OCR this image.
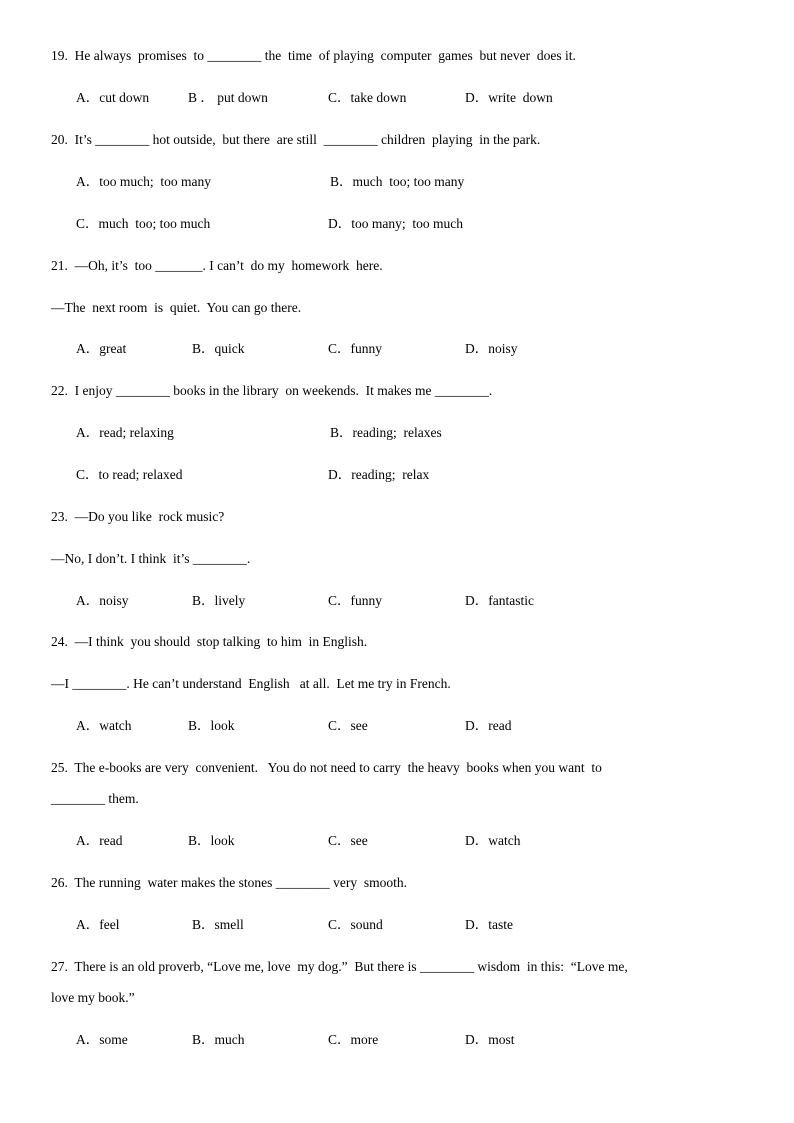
19.  He always  promises  to ________ the  time  of playing  computer  games  but never  does it.
A．cut down	B ． put down	C．take down	D．write  down
20.  It’s ________ hot outside,  but there  are still  ________ children  playing  in the park.
A．too much;  too many	B．much  too; too many
C．much  too; too much	D．too many;  too much
21.  —Oh, it’s  too _______. I can’t  do my  homework  here.
—The  next room  is  quiet.  You can go there.
A．great	B．quick	C．funny	D．noisy
22.  I enjoy ________ books in the library  on weekends.  It makes me ________.
A．read; relaxing	B．reading;  relaxes
C．to read; relaxed	D．reading;  relax
23.  —Do you like  rock music?
—No, I don’t. I think  it’s ________.
A．noisy	B．lively	C．funny	D．fantastic
24.  —I think  you should  stop talking  to him  in English.
—I ________. He can’t understand  English   at all.  Let me try in French.
A．watch	B．look	C．see	D．read
25.  The e-books are very  convenient.   You do not need to carry  the heavy  books when you want  to
________ them.
A．read	B．look	C．see	D．watch
26.  The running  water makes the stones ________ very  smooth.
A．feel	B．smell	C．sound	D．taste
27.  There is an old proverb, “Love me, love  my dog.”  But there is ________ wisdom  in this:  “Love me,
love my book.”
A．some	B．much	C．more	D．most
